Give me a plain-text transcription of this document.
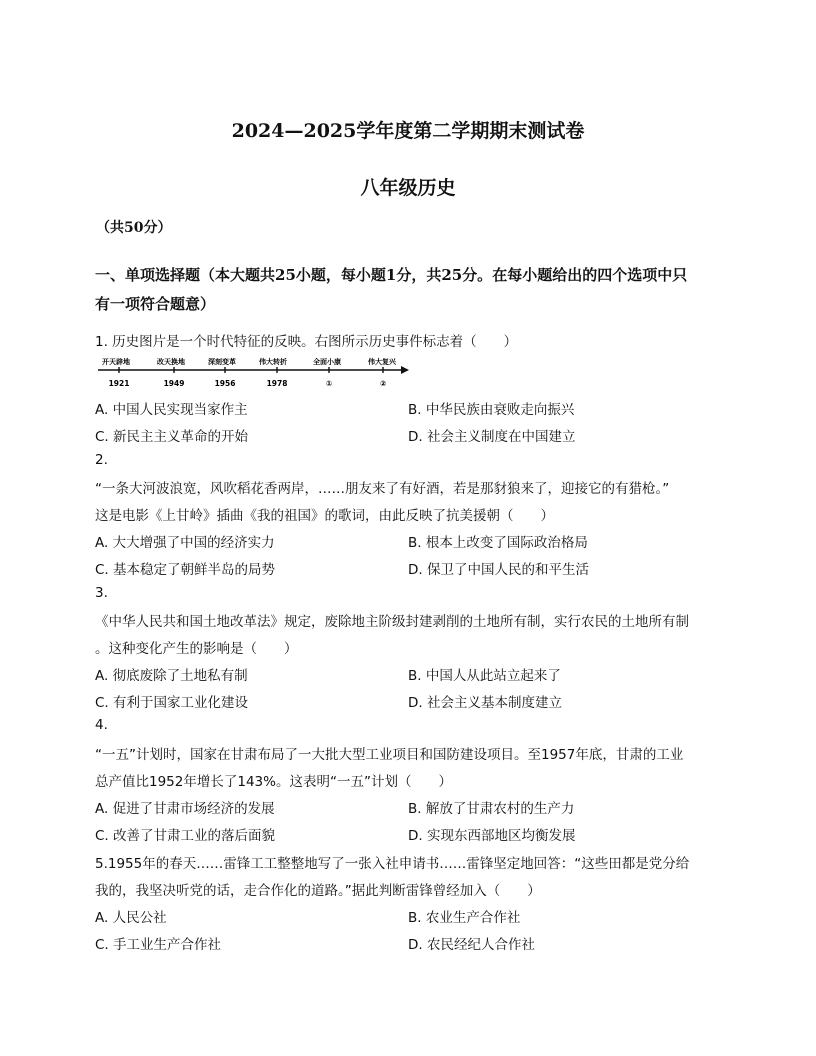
2024—2025学年度第二学期期末测试卷
八年级历史
（共50分）
一、单项选择题（本大题共25小题，每小题1分，共25分。在每小题给出的四个选项中只
有一项符合题意）
1. 历史图片是一个时代特征的反映。右图所示历史事件标志着（　　）
开天辟地	改天换地	深刻变革	伟大转折	全面小康	伟大复兴
1921	1949	1956	1978	①	②
A. 中国人民实现当家作主	B. 中华民族由衰败走向振兴
C. 新民主主义革命的开始	D. 社会主义制度在中国建立
2.
“一条大河波浪宽，风吹稻花香两岸，……朋友来了有好酒，若是那豺狼来了，迎接它的有猎枪。”
这是电影《上甘岭》插曲《我的祖国》的歌词，由此反映了抗美援朝（　　）
A. 大大增强了中国的经济实力	B. 根本上改变了国际政治格局
C. 基本稳定了朝鲜半岛的局势	D. 保卫了中国人民的和平生活
3.
《中华人民共和国土地改革法》规定，废除地主阶级封建剥削的土地所有制，实行农民的土地所有制
。这种变化产生的影响是（　　）
A. 彻底废除了土地私有制	B. 中国人从此站立起来了
C. 有利于国家工业化建设	D. 社会主义基本制度建立
4.
“一五”计划时，国家在甘肃布局了一大批大型工业项目和国防建设项目。至1957年底，甘肃的工业
总产值比1952年增长了143%。这表明“一五”计划（　　）
A. 促进了甘肃市场经济的发展	B. 解放了甘肃农村的生产力
C. 改善了甘肃工业的落后面貌	D. 实现东西部地区均衡发展
5.1955年的春天……雷锋工工整整地写了一张入社申请书……雷锋坚定地回答：“这些田都是党分给
我的，我坚决听党的话，走合作化的道路。”据此判断雷锋曾经加入（　　）
A. 人民公社	B. 农业生产合作社
C. 手工业生产合作社	D. 农民经纪人合作社
